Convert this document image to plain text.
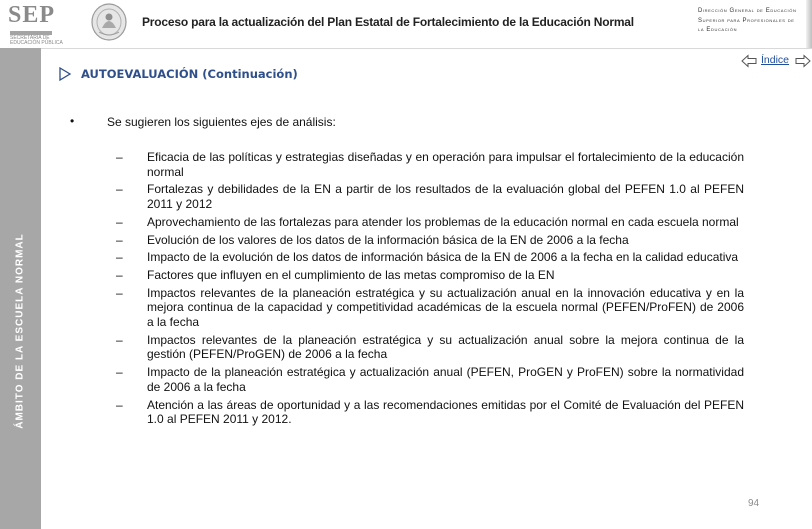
SEP
SECRETARÍA DE EDUCACIÓN PÚBLICA
Proceso para la actualización del Plan Estatal de Fortalecimiento de la Educación Normal
Dirección General de Educación
Superior para Profesionales de
la Educación
ÁMBITO DE LA ESCUELA NORMAL
AUTOEVALUACIÓN (Continuación)
Índice
•	Se sugieren los siguientes ejes de análisis:
– Eficacia de las políticas y estrategias diseñadas y en operación para impulsar el fortalecimiento de la educación normal
– Fortalezas y debilidades de la EN a partir de los resultados de la evaluación global del PEFEN 1.0 al PEFEN 2011 y 2012
– Aprovechamiento de las fortalezas para atender los problemas de la educación normal en cada escuela normal
– Evolución de los valores de los datos de la información básica de la EN de 2006 a la fecha
– Impacto de la evolución de los datos de información básica de la EN de 2006 a la fecha en la calidad educativa
– Factores que influyen en el cumplimiento de las metas compromiso de la EN
– Impactos relevantes de la planeación estratégica y su actualización anual en la innovación educativa y en la mejora continua de la capacidad y competitividad académicas de la escuela normal (PEFEN/ProFEN) de 2006 a la fecha
– Impactos relevantes de la planeación estratégica y su actualización anual sobre la mejora continua de la gestión (PEFEN/ProGEN) de 2006 a la fecha
– Impacto de la planeación estratégica y actualización anual (PEFEN, ProGEN y ProFEN) sobre la normatividad de 2006 a la fecha
– Atención a las áreas de oportunidad y a las recomendaciones emitidas por el Comité de Evaluación del PEFEN 1.0 al PEFEN 2011 y 2012.
94
